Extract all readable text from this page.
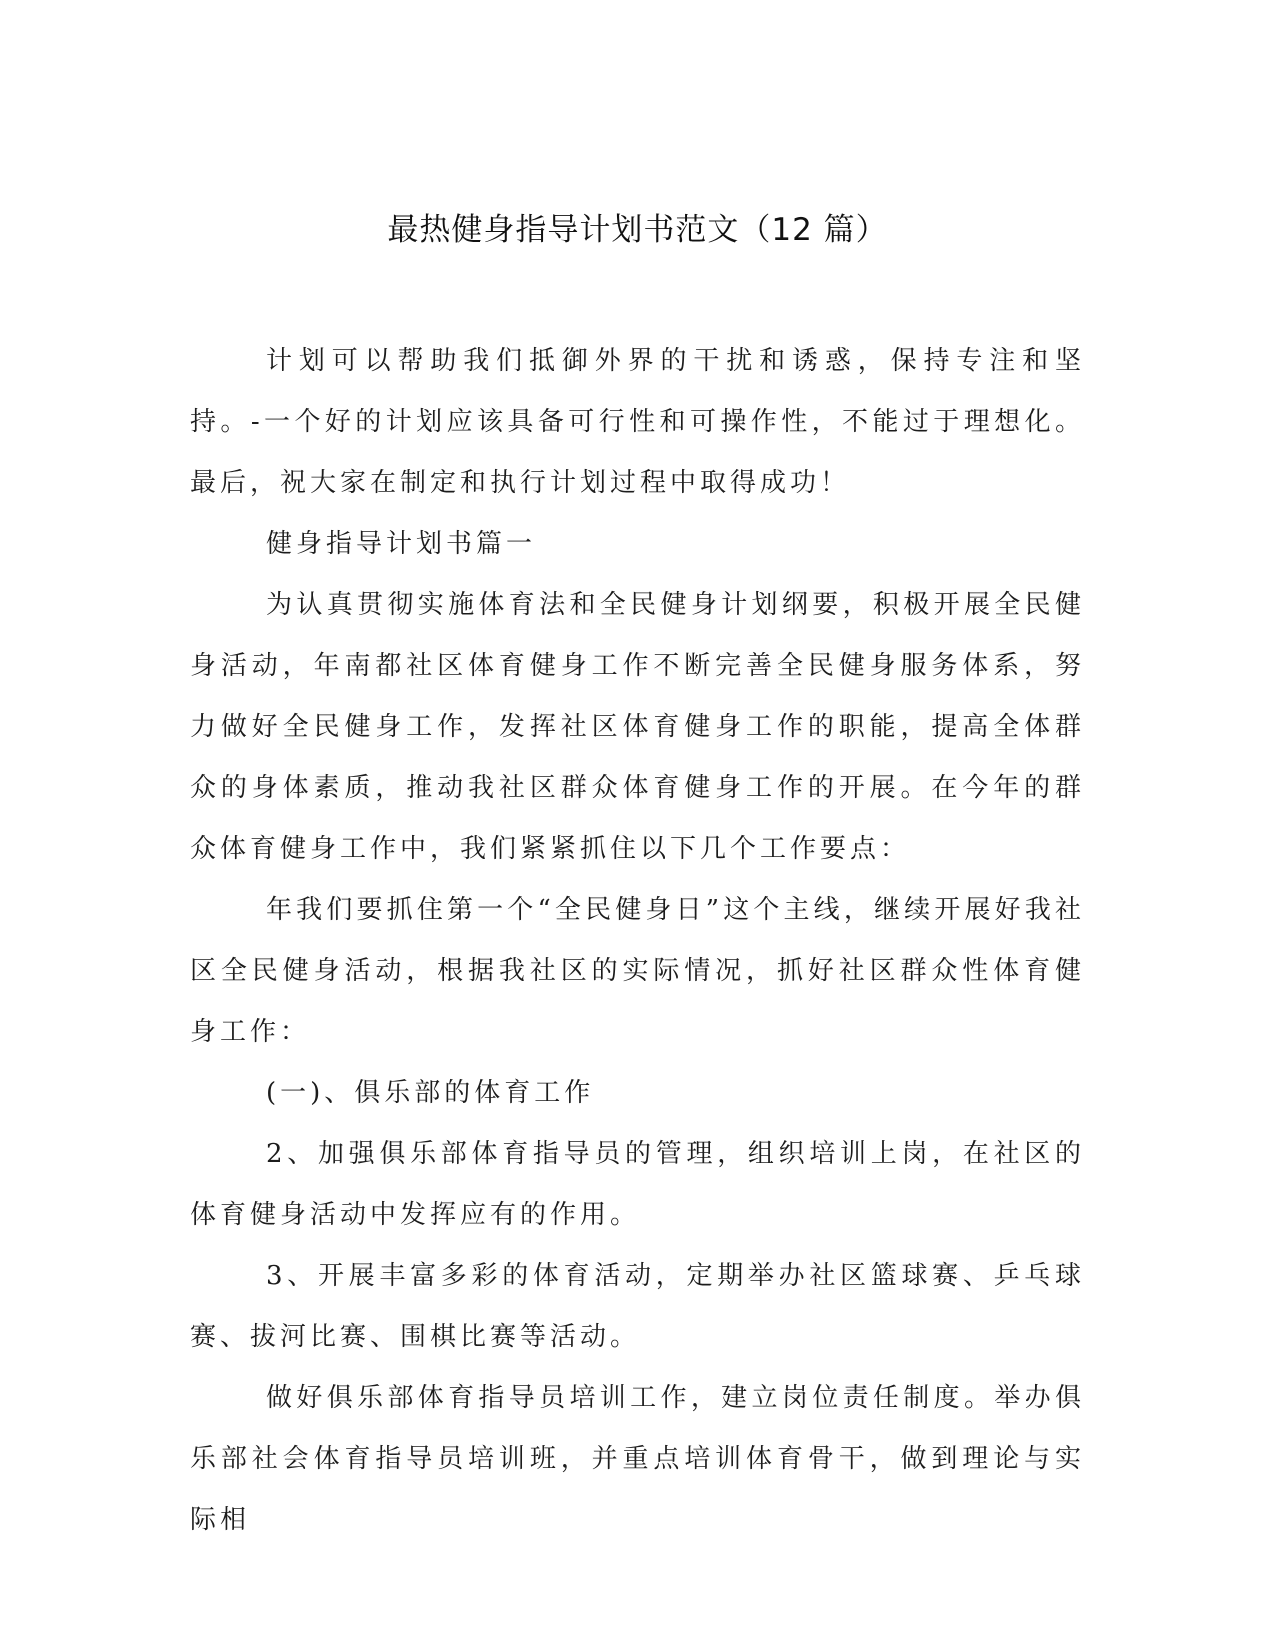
最热健身指导计划书范文（12 篇）

计划可以帮助我们抵御外界的干扰和诱惑，保持专注和坚持。-一个好的计划应该具备可行性和可操作性，不能过于理想化。最后，祝大家在制定和执行计划过程中取得成功！

健身指导计划书篇一

为认真贯彻实施体育法和全民健身计划纲要，积极开展全民健身活动，年南都社区体育健身工作不断完善全民健身服务体系，努力做好全民健身工作，发挥社区体育健身工作的职能，提高全体群众的身体素质，推动我社区群众体育健身工作的开展。在今年的群众体育健身工作中，我们紧紧抓住以下几个工作要点：

年我们要抓住第一个“全民健身日”这个主线，继续开展好我社区全民健身活动，根据我社区的实际情况，抓好社区群众性体育健身工作：

(一)、俱乐部的体育工作

2、加强俱乐部体育指导员的管理，组织培训上岗，在社区的体育健身活动中发挥应有的作用。

3、开展丰富多彩的体育活动，定期举办社区篮球赛、乒乓球赛、拔河比赛、围棋比赛等活动。

做好俱乐部体育指导员培训工作，建立岗位责任制度。举办俱乐部社会体育指导员培训班，并重点培训体育骨干，做到理论与实际相
